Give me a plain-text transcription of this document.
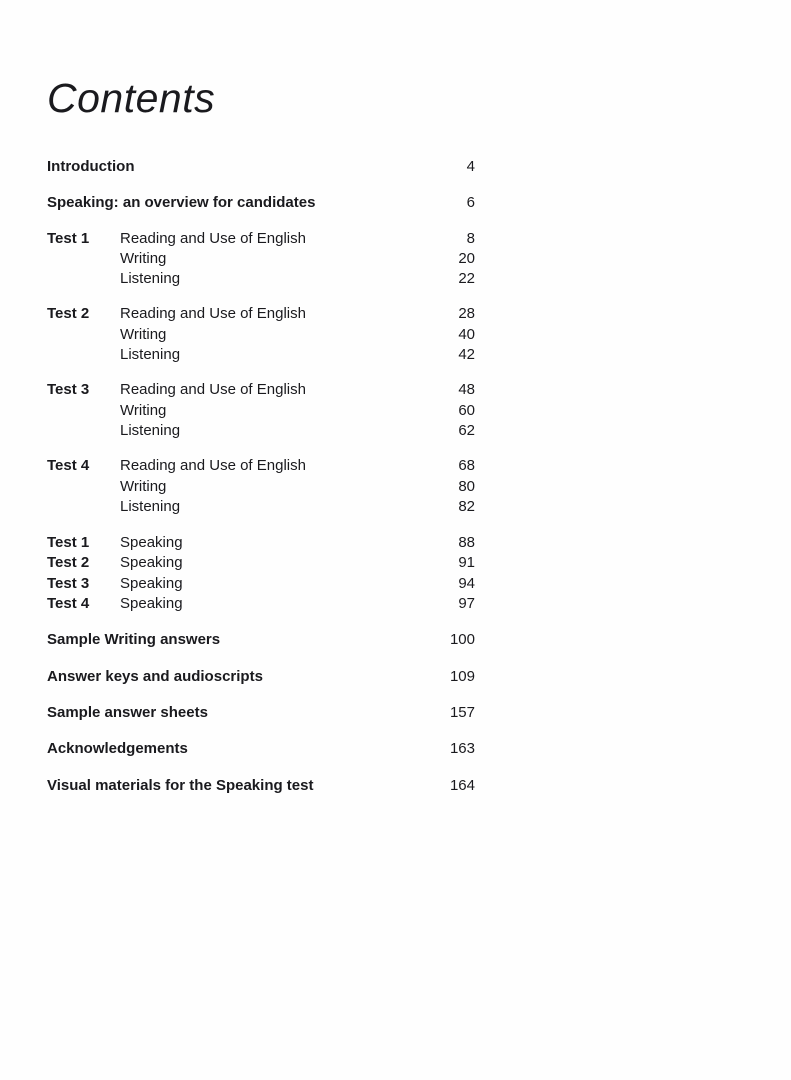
Contents
Introduction	4
Speaking: an overview for candidates	6
Test 1	Reading and Use of English	8
Writing	20
Listening	22
Test 2	Reading and Use of English	28
Writing	40
Listening	42
Test 3	Reading and Use of English	48
Writing	60
Listening	62
Test 4	Reading and Use of English	68
Writing	80
Listening	82
Test 1	Speaking	88
Test 2	Speaking	91
Test 3	Speaking	94
Test 4	Speaking	97
Sample Writing answers	100
Answer keys and audioscripts	109
Sample answer sheets	157
Acknowledgements	163
Visual materials for the Speaking test	164
